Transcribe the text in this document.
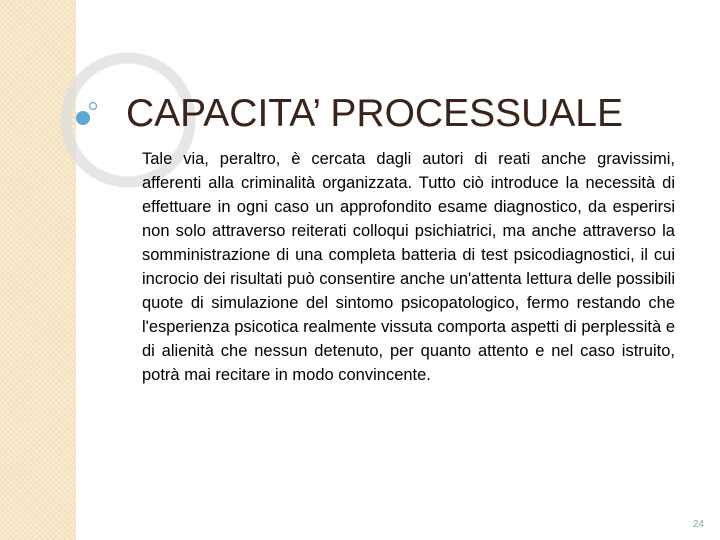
CAPACITA’ PROCESSUALE

Tale via, peraltro, è cercata dagli autori di reati anche gravissimi, afferenti alla criminalità organizzata. Tutto ciò introduce la necessità di effettuare in ogni caso un approfondito esame diagnostico, da esperirsi non solo attraverso reiterati colloqui psichiatrici, ma anche attraverso la somministrazione di una completa batteria di test psicodiagnostici, il cui incrocio dei risultati può consentire anche un'attenta lettura delle possibili quote di simulazione del sintomo psicopatologico, fermo restando che l'esperienza psicotica realmente vissuta comporta aspetti di perplessità e di alienità che nessun detenuto, per quanto attento e nel caso istruito, potrà mai recitare in modo convincente.

24
